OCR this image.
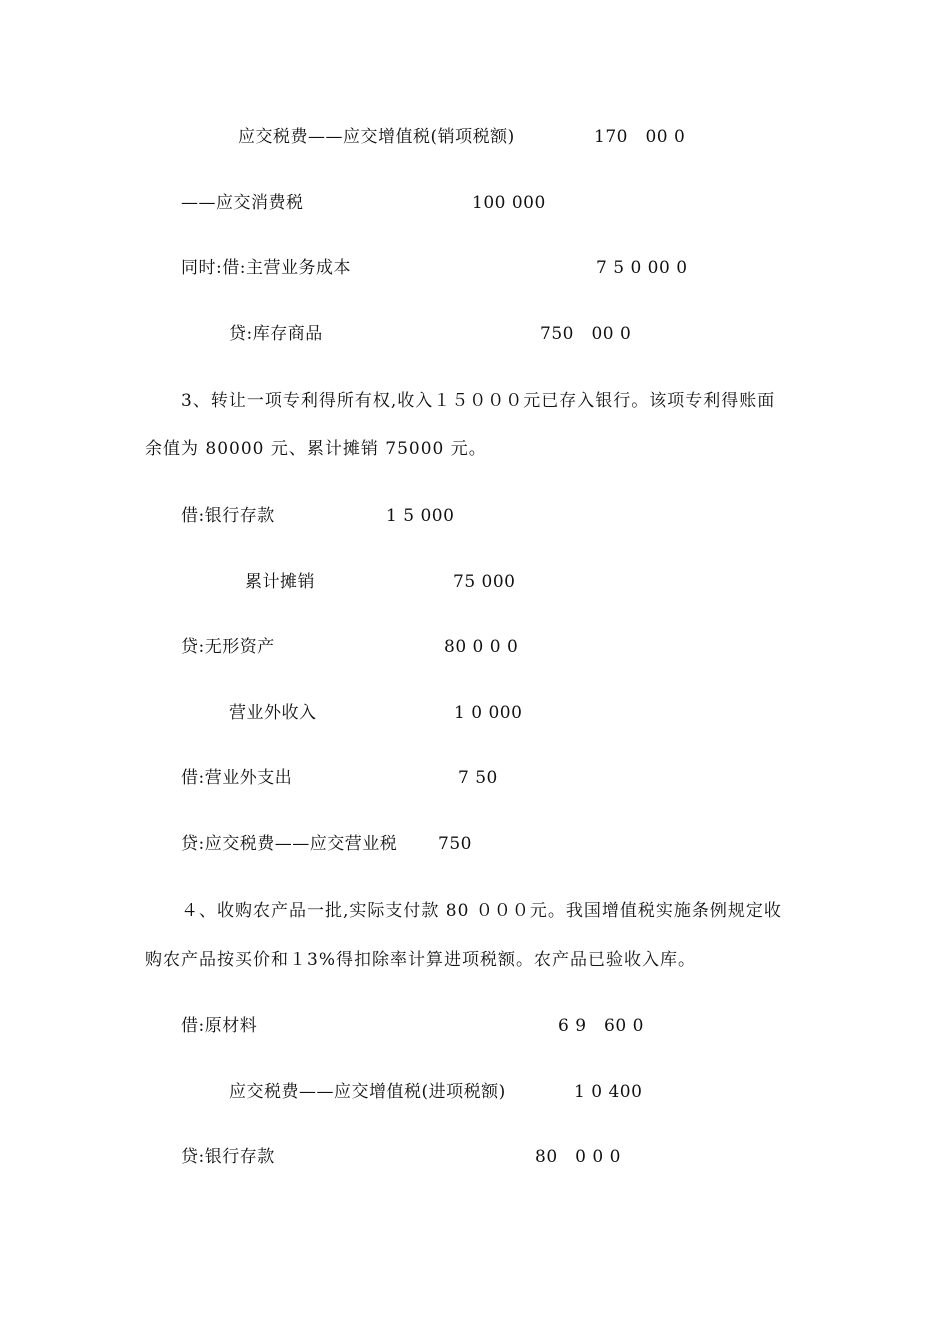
应交税费——应交增值税(销项税额)	170　00 0
——应交消费税	100 000
同时:借:主营业务成本	7 5 0 00 0
贷:库存商品	750　00 0
3、转让一项专利得所有权,收入１５０００元已存入银行。该项专利得账面
余值为 80000 元、累计摊销 75000 元。
借:银行存款	1 5 000
累计摊销	75 000
贷:无形资产	80 0 0 0
营业外收入	1 0 000
借:营业外支出	7 50
贷:应交税费——应交营业税 750
４、收购农产品一批,实际支付款 80 ０００元。我国增值税实施条例规定收
购农产品按买价和１3%得扣除率计算进项税额。农产品已验收入库。
借:原材料	6 9　60 0
应交税费——应交增值税(进项税额)	1 0 400
贷:银行存款	80　0 0 0
